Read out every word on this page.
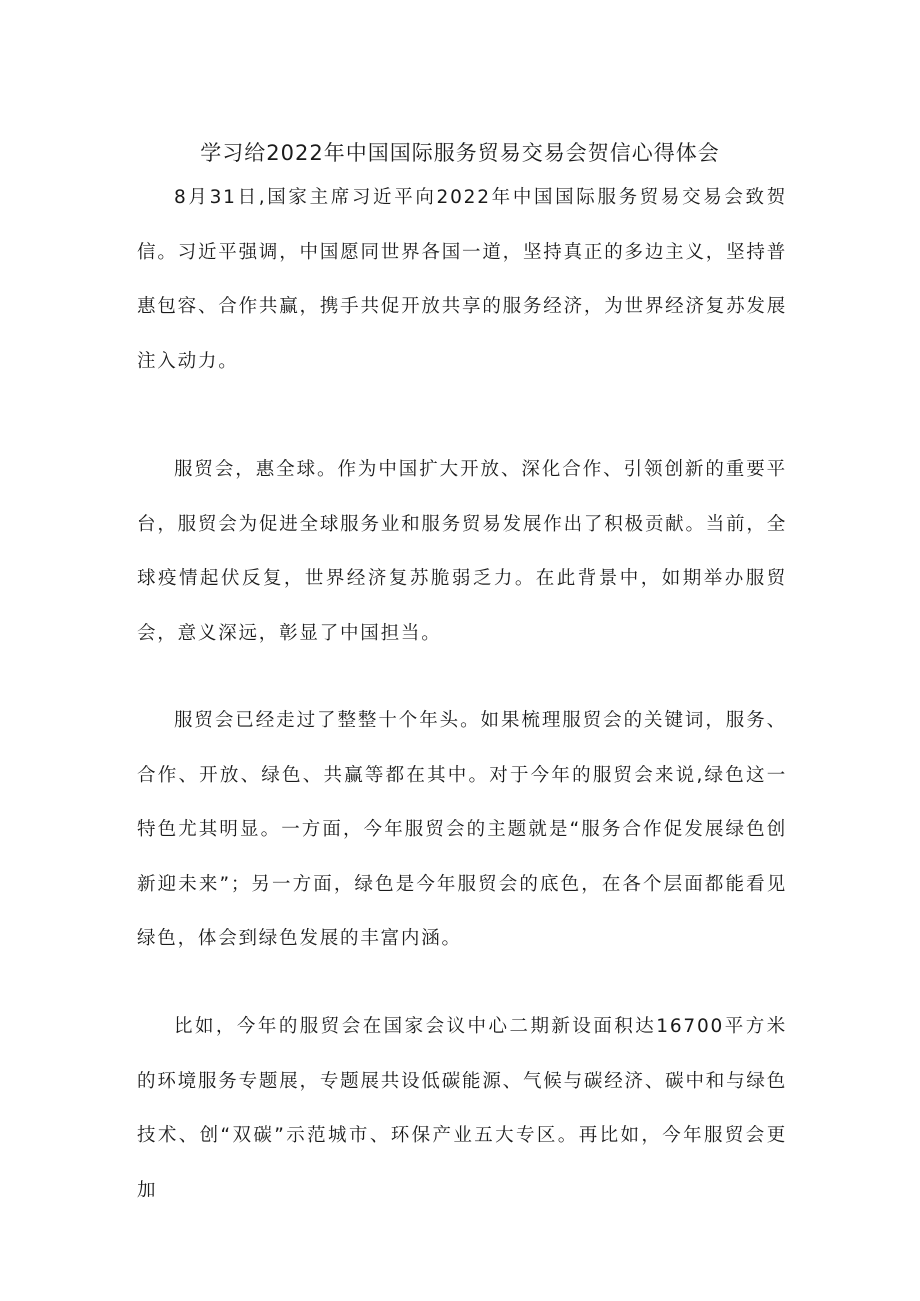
学习给2022年中国国际服务贸易交易会贺信心得体会

8月31日,国家主席习近平向2022年中国国际服务贸易交易会致贺信。习近平强调，中国愿同世界各国一道，坚持真正的多边主义，坚持普惠包容、合作共赢，携手共促开放共享的服务经济，为世界经济复苏发展注入动力。

服贸会，惠全球。作为中国扩大开放、深化合作、引领创新的重要平台，服贸会为促进全球服务业和服务贸易发展作出了积极贡献。当前，全球疫情起伏反复，世界经济复苏脆弱乏力。在此背景中，如期举办服贸会，意义深远，彰显了中国担当。

服贸会已经走过了整整十个年头。如果梳理服贸会的关键词，服务、合作、开放、绿色、共赢等都在其中。对于今年的服贸会来说,绿色这一特色尤其明显。一方面，今年服贸会的主题就是“服务合作促发展绿色创新迎未来”；另一方面，绿色是今年服贸会的底色，在各个层面都能看见绿色，体会到绿色发展的丰富内涵。

比如，今年的服贸会在国家会议中心二期新设面积达16700平方米的环境服务专题展，专题展共设低碳能源、气候与碳经济、碳中和与绿色技术、创“双碳”示范城市、环保产业五大专区。再比如，今年服贸会更加
